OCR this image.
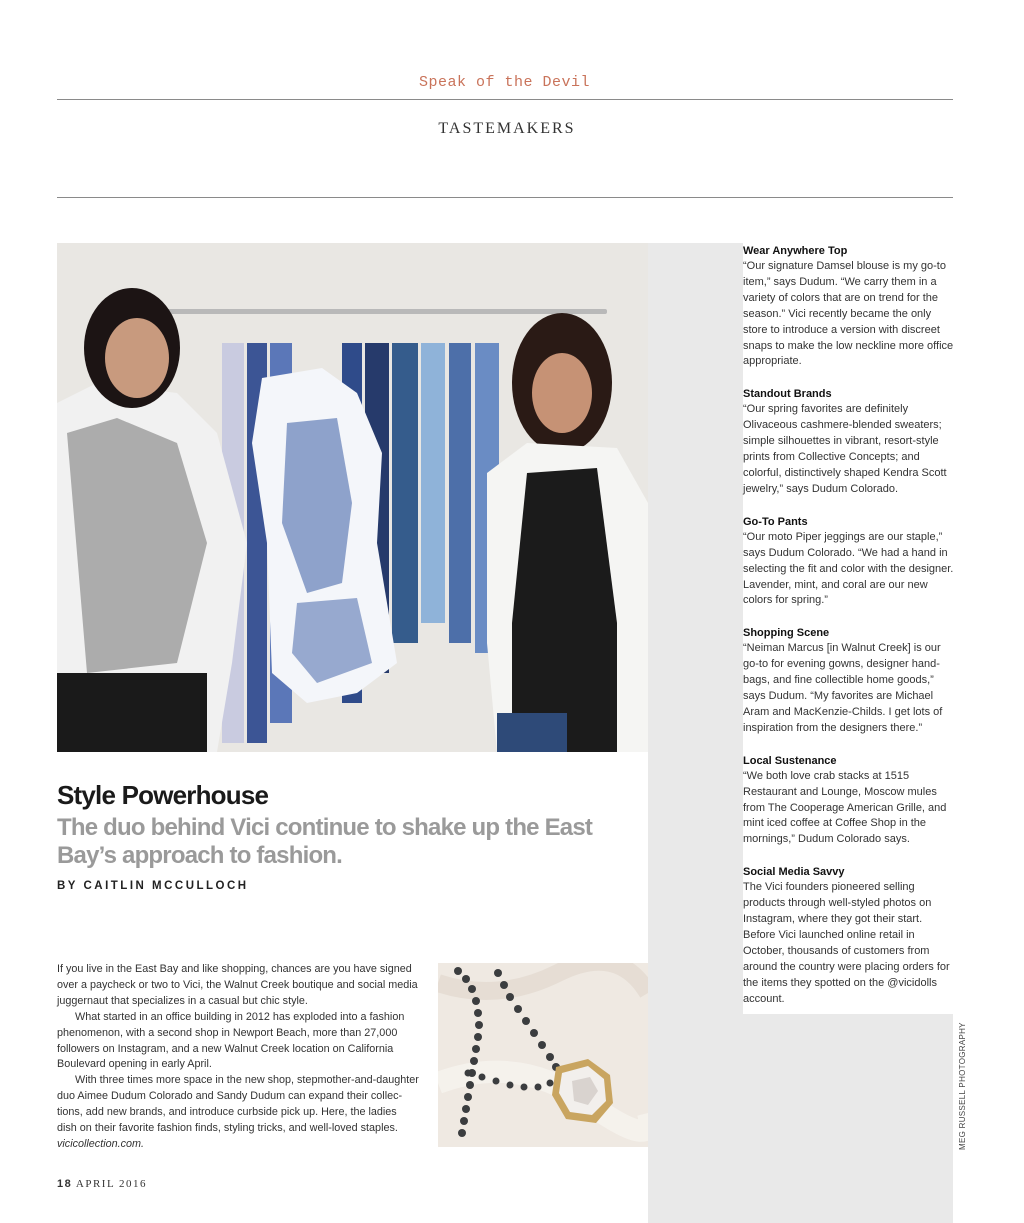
Speak of the Devil
TASTEMAKERS

Wear Anywhere Top

“Our signature Damsel blouse is my go-to item,” says Dudum. “We carry them in a variety of colors that are on trend for the season.” Vici recently became the only store to introduce a version with discreet snaps to make the low neckline more office appropriate.

Standout Brands

“Our spring favorites are definitely Olivaceous cashmere-blended sweaters; simple silhouettes in vibrant, resort-style prints from Collective Concepts; and colorful, distinctively shaped Kendra Scott jewelry,” says Dudum Colorado.

Go-To Pants

“Our moto Piper jeggings are our staple,” says Dudum Colorado. “We had a hand in selecting the fit and color with the designer. Lavender, mint, and coral are our new colors for spring.”

Shopping Scene

“Neiman Marcus [in Walnut Creek] is our go-to for evening gowns, designer hand-bags, and fine collectible home goods,” says Dudum. “My favorites are Michael Aram and MacKenzie-Childs. I get lots of inspiration from the designers there.”

Local Sustenance

“We both love crab stacks at 1515 Restaurant and Lounge, Moscow mules from The Cooperage American Grille, and mint iced coffee at Coffee Shop in the mornings,” Dudum Colorado says.

Social Media Savvy

The Vici founders pioneered selling products through well-styled photos on Instagram, where they got their start. Before Vici launched online retail in October, thousands of customers from around the country were placing orders for the items they spotted on the @vicidolls account.

Style Powerhouse
The duo behind Vici continue to shake up the East Bay’s approach to fashion.
BY CAITLIN MCCULLOCH

If you live in the East Bay and like shopping, chances are you have signed over a paycheck or two to Vici, the Walnut Creek boutique and social media juggernaut that specializes in a casual but chic style.

What started in an office building in 2012 has exploded into a fashion phenomenon, with a second shop in Newport Beach, more than 27,000 followers on Instagram, and a new Walnut Creek location on California Boulevard opening in early April.

With three times more space in the new shop, stepmother-and-daughter duo Aimee Dudum Colorado and Sandy Dudum can expand their collec-tions, add new brands, and introduce curbside pick up. Here, the ladies dish on their favorite fashion finds, styling tricks, and well-loved staples. vicicollection.com.	MEG RUSSELL PHOTOGRAPHY
18 APRIL 2016
